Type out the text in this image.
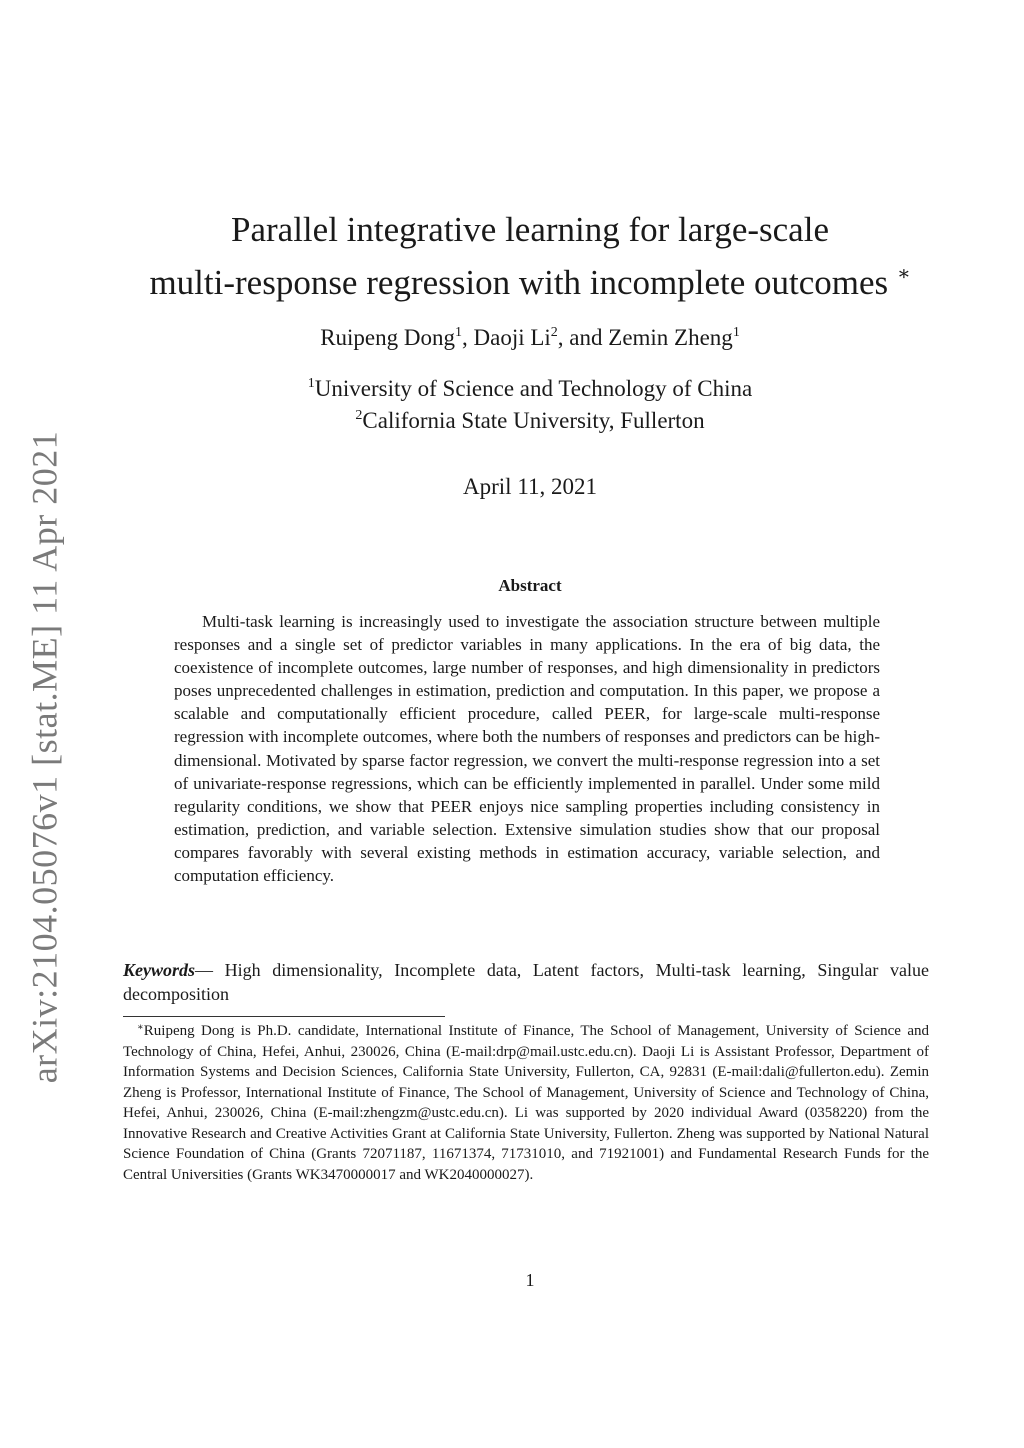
arXiv:2104.05076v1 [stat.ME] 11 Apr 2021
Parallel integrative learning for large-scale
multi-response regression with incomplete outcomes ∗
Ruipeng Dong$^1$, Daoji Li$^2$, and Zemin Zheng$^1$
$^1$University of Science and Technology of China
$^2$California State University, Fullerton
April 11, 2021
Abstract

Multi-task learning is increasingly used to investigate the association structure between multiple responses and a single set of predictor variables in many applications. In the era of big data, the coexistence of incomplete outcomes, large number of responses, and high dimensionality in predictors poses unprecedented challenges in estimation, prediction and computation. In this paper, we propose a scalable and computationally efficient procedure, called PEER, for large-scale multi-response regression with incomplete outcomes, where both the numbers of responses and predictors can be high-dimensional. Motivated by sparse factor regression, we convert the multi-response regression into a set of univariate-response regressions, which can be efficiently implemented in parallel. Under some mild regularity conditions, we show that PEER enjoys nice sampling properties including consistency in estimation, prediction, and variable selection. Extensive simulation studies show that our proposal compares favorably with several existing methods in estimation accuracy, variable selection, and computation efficiency.

Keywords— High dimensionality, Incomplete data, Latent factors, Multi-task learning, Singular value decomposition

∗Ruipeng Dong is Ph.D. candidate, International Institute of Finance, The School of Management, University of Science and Technology of China, Hefei, Anhui, 230026, China (E-mail:drp@mail.ustc.edu.cn). Daoji Li is Assistant Professor, Department of Information Systems and Decision Sciences, California State University, Fullerton, CA, 92831 (E-mail:dali@fullerton.edu). Zemin Zheng is Professor, International Institute of Finance, The School of Management, University of Science and Technology of China, Hefei, Anhui, 230026, China (E-mail:zhengzm@ustc.edu.cn). Li was supported by 2020 individual Award (0358220) from the Innovative Research and Creative Activities Grant at California State University, Fullerton. Zheng was supported by National Natural Science Foundation of China (Grants 72071187, 11671374, 71731010, and 71921001) and Fundamental Research Funds for the Central Universities (Grants WK3470000017 and WK2040000027).

1
